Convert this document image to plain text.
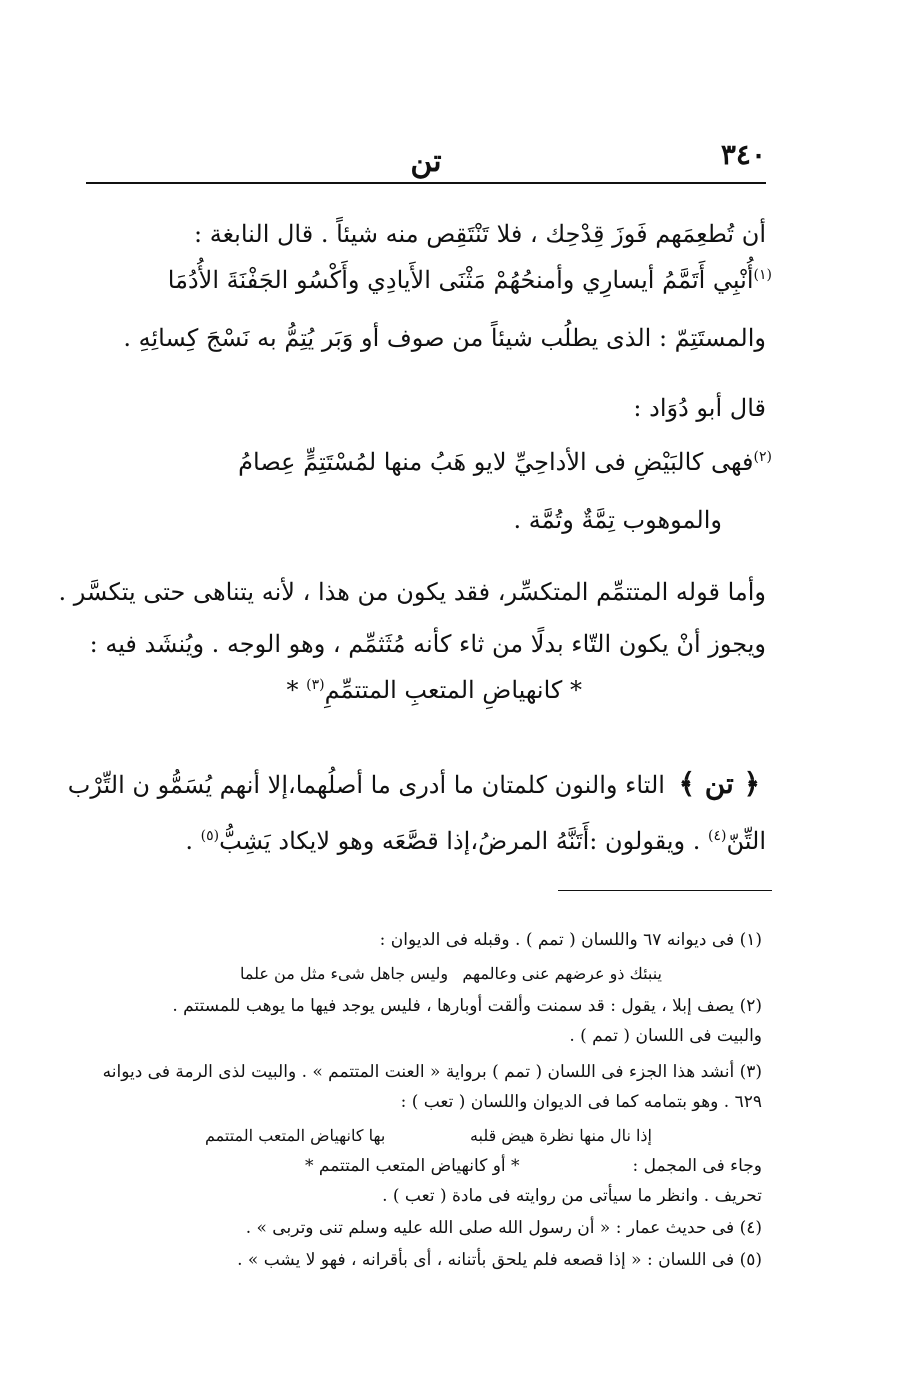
٣٤٠
تن
أن تُطعِمَهم فَوزَ قِدْحِك ، فلا تَنْتَقِص منه شيئاً . قال النابغة :
$^{(١)}$أُنْبِي أَتَمَّمُ أيسارِي وأمنحُهُمْ مَثْنَى الأَيادِي وأَكْسُو الجَفْنَةَ الأُدُمَا
والمستَتِمّ : الذى يطلُب شيئاً من صوف أو وَبَر يُتِمُّ به نَسْجَ كِسائِهِ .
قال أبو دُوَاد :
$^{(٢)}$فهى كالبَيْضِ فى الأداحِيِّ لايو هَبُ منها لمُسْتَتِمٍّ عِصامُ
والموهوب تِمَّةٌ وتُمَّة .
وأما قوله المتتمِّم المتكسِّر، فقد يكون من هذا ، لأنه يتناهى حتى يتكسَّر .
ويجوز أنْ يكون التّاء بدلًا من ثاء كأنه مُثَثمِّم ، وهو الوجه . ويُنشَد فيه :
* كانهياضِ المتعبِ المتتمِّمِ$^{(٣)}$ *
﴿ تن ﴾ التاء والنون كلمتان ما أدرى ما أصلُهما،إلا أنهم يُسَمُّو ن التِّرْب
التِّنّ$^{(٤)}$ . ويقولون :أَتَنَّهُ المرضُ،إذا قصَّعَه وهو لايكاد يَشِبُّ$^{(٥)}$ .
(١) فى ديوانه ٦٧ واللسان ( تمم ) . وقبله فى الديوان :
ينبئك ذو عرضهم عنى وعالمهم
وليس جاهل شىء مثل من علما
(٢) يصف إبلا ، يقول : قد سمنت وألقت أوبارها ، فليس يوجد فيها ما يوهب للمستتم .
والبيت فى اللسان ( تمم ) .
(٣) أنشد هذا الجزء فى اللسان ( تمم ) برواية « العنت المتتمم » . والبيت لذى الرمة فى ديوانه
٦٢٩ . وهو بتمامه كما فى الديوان واللسان ( تعب ) :
إذا نال منها نظرة هيض قلبه
بها كانهياض المتعب المتتمم
وجاء فى المجمل :
* أو كانهياض المتعب المتتمم *
تحريف . وانظر ما سيأتى من روايته فى مادة ( تعب ) .
(٤) فى حديث عمار : « أن رسول الله صلى الله عليه وسلم تنى وتربى » .
(٥) فى اللسان : « إذا قصعه فلم يلحق بأتنانه ، أى بأقرانه ، فهو لا يشب » .
